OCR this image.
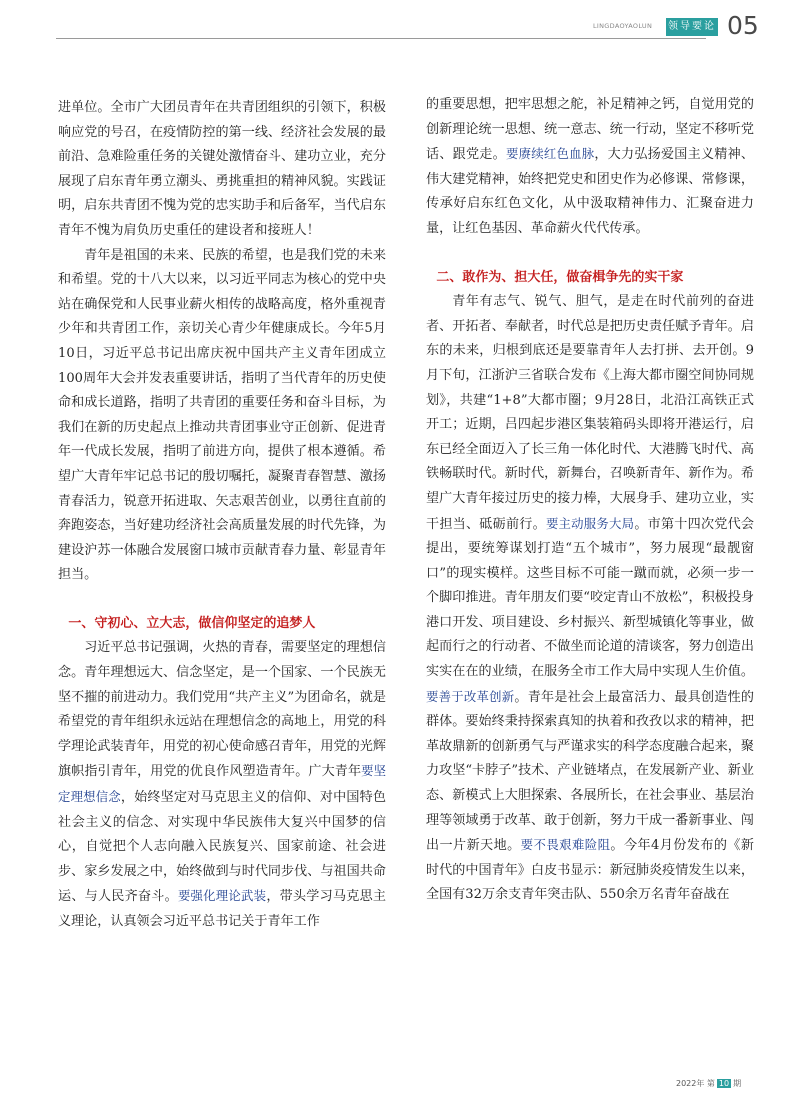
LINGDAOYAOLUN 领导要论 05

进单位。全市广大团员青年在共青团组织的引领下，积极响应党的号召，在疫情防控的第一线、经济社会发展的最前沿、急难险重任务的关键处激情奋斗、建功立业，充分展现了启东青年勇立潮头、勇挑重担的精神风貌。实践证明，启东共青团不愧为党的忠实助手和后备军，当代启东青年不愧为肩负历史重任的建设者和接班人！

青年是祖国的未来、民族的希望，也是我们党的未来和希望。党的十八大以来，以习近平同志为核心的党中央站在确保党和人民事业薪火相传的战略高度，格外重视青少年和共青团工作，亲切关心青少年健康成长。今年5月10日，习近平总书记出席庆祝中国共产主义青年团成立100周年大会并发表重要讲话，指明了当代青年的历史使命和成长道路，指明了共青团的重要任务和奋斗目标，为我们在新的历史起点上推动共青团事业守正创新、促进青年一代成长发展，指明了前进方向，提供了根本遵循。希望广大青年牢记总书记的殷切嘱托，凝聚青春智慧、激扬青春活力，锐意开拓进取、矢志艰苦创业，以勇往直前的奔跑姿态，当好建功经济社会高质量发展的时代先锋，为建设沪苏一体融合发展窗口城市贡献青春力量、彰显青年担当。

一、守初心、立大志，做信仰坚定的追梦人

习近平总书记强调，火热的青春，需要坚定的理想信念。青年理想远大、信念坚定，是一个国家、一个民族无坚不摧的前进动力。我们党用“共产主义”为团命名，就是希望党的青年组织永远站在理想信念的高地上，用党的科学理论武装青年，用党的初心使命感召青年，用党的光辉旗帜指引青年，用党的优良作风塑造青年。广大青年要坚定理想信念，始终坚定对马克思主义的信仰、对中国特色社会主义的信念、对实现中华民族伟大复兴中国梦的信心，自觉把个人志向融入民族复兴、国家前途、社会进步、家乡发展之中，始终做到与时代同步伐、与祖国共命运、与人民齐奋斗。要强化理论武装，带头学习马克思主义理论，认真领会习近平总书记关于青年工作

的重要思想，把牢思想之舵，补足精神之钙，自觉用党的创新理论统一思想、统一意志、统一行动，坚定不移听党话、跟党走。要赓续红色血脉，大力弘扬爱国主义精神、伟大建党精神，始终把党史和团史作为必修课、常修课，传承好启东红色文化，从中汲取精神伟力、汇聚奋进力量，让红色基因、革命薪火代代传承。

二、敢作为、担大任，做奋楫争先的实干家

青年有志气、锐气、胆气，是走在时代前列的奋进者、开拓者、奉献者，时代总是把历史责任赋予青年。启东的未来，归根到底还是要靠青年人去打拼、去开创。9月下旬，江浙沪三省联合发布《上海大都市圈空间协同规划》，共建“1+8”大都市圈；9月28日，北沿江高铁正式开工；近期，吕四起步港区集装箱码头即将开港运行，启东已经全面迈入了长三角一体化时代、大港腾飞时代、高铁畅联时代。新时代，新舞台，召唤新青年、新作为。希望广大青年接过历史的接力棒，大展身手、建功立业，实干担当、砥砺前行。要主动服务大局。市第十四次党代会提出，要统筹谋划打造“五个城市”，努力展现“最靓窗口”的现实模样。这些目标不可能一蹴而就，必须一步一个脚印推进。青年朋友们要“咬定青山不放松”，积极投身港口开发、项目建设、乡村振兴、新型城镇化等事业，做起而行之的行动者、不做坐而论道的清谈客，努力创造出实实在在的业绩，在服务全市工作大局中实现人生价值。要善于改革创新。青年是社会上最富活力、最具创造性的群体。要始终秉持探索真知的执着和孜孜以求的精神，把革故鼎新的创新勇气与严谨求实的科学态度融合起来，聚力攻坚“卡脖子”技术、产业链堵点，在发展新产业、新业态、新模式上大胆探索、各展所长，在社会事业、基层治理等领域勇于改革、敢于创新，努力干成一番新事业、闯出一片新天地。要不畏艰难险阻。今年4月份发布的《新时代的中国青年》白皮书显示：新冠肺炎疫情发生以来，全国有32万余支青年突击队、550余万名青年奋战在

2022年 第 10 期
